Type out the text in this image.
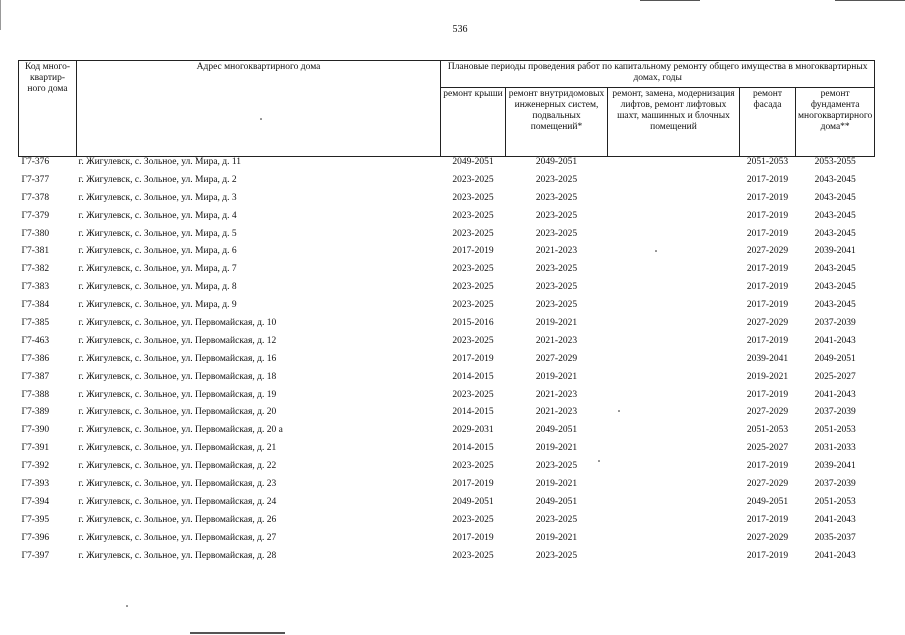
536
Код много-квартир-ного дома	Адрес многоквартирного дома	Плановые периоды проведения работ по капитальному ремонту общего имущества в многоквартирных домах, годы				
		ремонт крыши	ремонт внутридомовых инженерных систем, подвальных помещений*	ремонт, замена, модернизация лифтов, ремонт лифтовых шахт, машинных и блочных помещений	ремонт фасада	ремонт фундамента многоквартирного дома**
Г7-376	г. Жигулевск, с. Зольное, ул. Мира, д. 11	2049-2051	2049-2051		2051-2053	2053-2055
Г7-377	г. Жигулевск, с. Зольное, ул. Мира, д. 2	2023-2025	2023-2025		2017-2019	2043-2045
Г7-378	г. Жигулевск, с. Зольное, ул. Мира, д. 3	2023-2025	2023-2025		2017-2019	2043-2045
Г7-379	г. Жигулевск, с. Зольное, ул. Мира, д. 4	2023-2025	2023-2025		2017-2019	2043-2045
Г7-380	г. Жигулевск, с. Зольное, ул. Мира, д. 5	2023-2025	2023-2025		2017-2019	2043-2045
Г7-381	г. Жигулевск, с. Зольное, ул. Мира, д. 6	2017-2019	2021-2023		2027-2029	2039-2041
Г7-382	г. Жигулевск, с. Зольное, ул. Мира, д. 7	2023-2025	2023-2025		2017-2019	2043-2045
Г7-383	г. Жигулевск, с. Зольное, ул. Мира, д. 8	2023-2025	2023-2025		2017-2019	2043-2045
Г7-384	г. Жигулевск, с. Зольное, ул. Мира, д. 9	2023-2025	2023-2025		2017-2019	2043-2045
Г7-385	г. Жигулевск, с. Зольное, ул. Первомайская, д. 10	2015-2016	2019-2021		2027-2029	2037-2039
Г7-463	г. Жигулевск, с. Зольное, ул. Первомайская, д. 12	2023-2025	2021-2023		2017-2019	2041-2043
Г7-386	г. Жигулевск, с. Зольное, ул. Первомайская, д. 16	2017-2019	2027-2029		2039-2041	2049-2051
Г7-387	г. Жигулевск, с. Зольное, ул. Первомайская, д. 18	2014-2015	2019-2021		2019-2021	2025-2027
Г7-388	г. Жигулевск, с. Зольное, ул. Первомайская, д. 19	2023-2025	2021-2023		2017-2019	2041-2043
Г7-389	г. Жигулевск, с. Зольное, ул. Первомайская, д. 20	2014-2015	2021-2023		2027-2029	2037-2039
Г7-390	г. Жигулевск, с. Зольное, ул. Первомайская, д. 20 а	2029-2031	2049-2051		2051-2053	2051-2053
Г7-391	г. Жигулевск, с. Зольное, ул. Первомайская, д. 21	2014-2015	2019-2021		2025-2027	2031-2033
Г7-392	г. Жигулевск, с. Зольное, ул. Первомайская, д. 22	2023-2025	2023-2025		2017-2019	2039-2041
Г7-393	г. Жигулевск, с. Зольное, ул. Первомайская, д. 23	2017-2019	2019-2021		2027-2029	2037-2039
Г7-394	г. Жигулевск, с. Зольное, ул. Первомайская, д. 24	2049-2051	2049-2051		2049-2051	2051-2053
Г7-395	г. Жигулевск, с. Зольное, ул. Первомайская, д. 26	2023-2025	2023-2025		2017-2019	2041-2043
Г7-396	г. Жигулевск, с. Зольное, ул. Первомайская, д. 27	2017-2019	2019-2021		2027-2029	2035-2037
Г7-397	г. Жигулевск, с. Зольное, ул. Первомайская, д. 28	2023-2025	2023-2025		2017-2019	2041-2043
